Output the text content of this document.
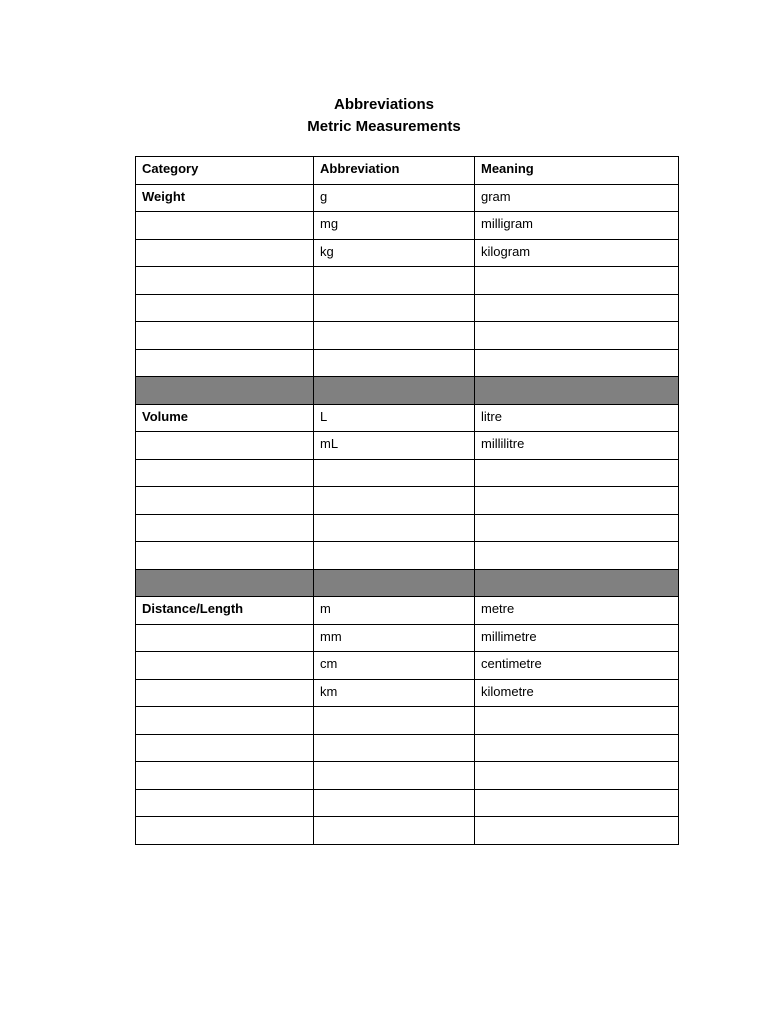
Abbreviations
Metric Measurements
Category	Abbreviation	Meaning
Weight	g	gram
	mg	milligram
	kg	kilogram

Volume	L	litre
	mL	millilitre

Distance/Length	m	metre
	mm	millimetre
	cm	centimetre
	km	kilometre
